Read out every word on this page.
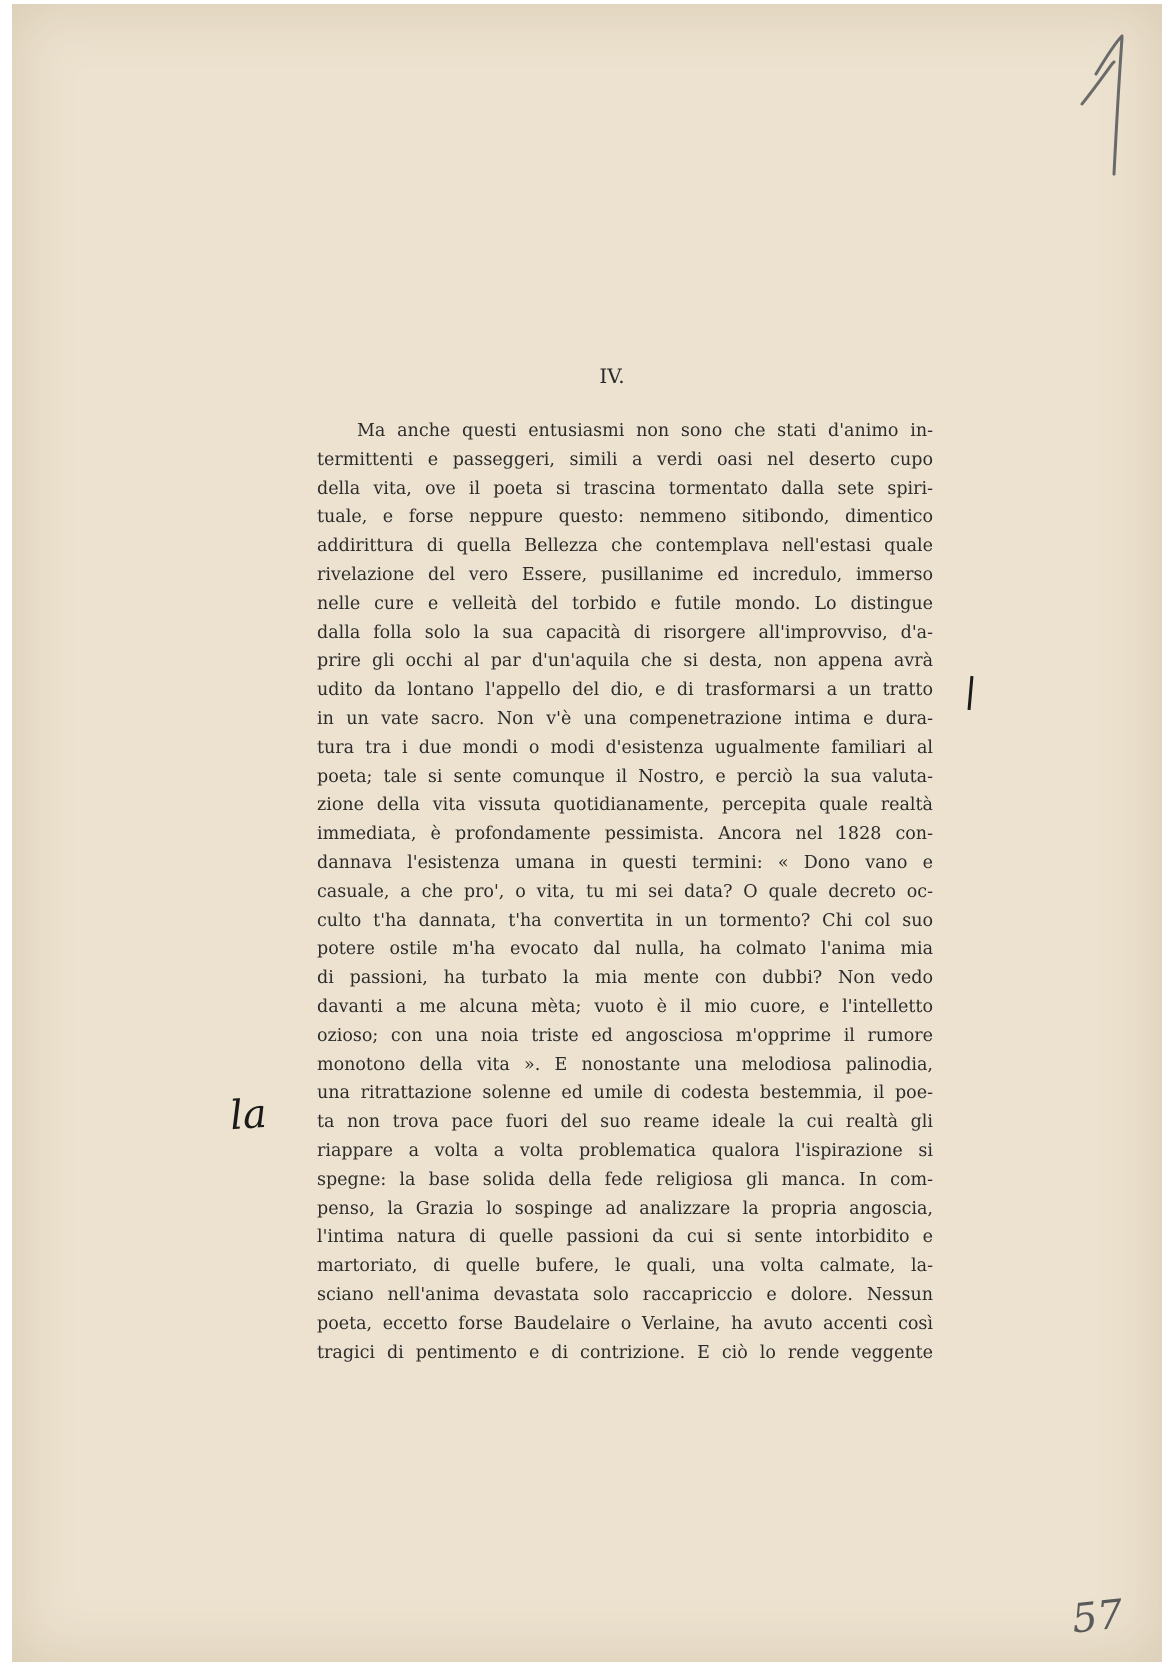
57
la
IV.
Ma anche questi entusiasmi non sono che stati d'animo in-
termittenti e passeggeri, simili a verdi oasi nel deserto cupo
della vita, ove il poeta si trascina tormentato dalla sete spiri-
tuale, e forse neppure questo: nemmeno sitibondo, dimentico
addirittura di quella Bellezza che contemplava nell'estasi quale
rivelazione del vero Essere, pusillanime ed incredulo, immerso
nelle cure e velleità del torbido e futile mondo. Lo distingue
dalla folla solo la sua capacità di risorgere all'improvviso, d'a-
prire gli occhi al par d'un'aquila che si desta, non appena avrà
udito da lontano l'appello del dio, e di trasformarsi a un tratto
in un vate sacro. Non v'è una compenetrazione intima e dura-
tura tra i due mondi o modi d'esistenza ugualmente familiari al
poeta; tale si sente comunque il Nostro, e perciò la sua valuta-
zione della vita vissuta quotidianamente, percepita quale realtà
immediata, è profondamente pessimista. Ancora nel 1828 con-
dannava l'esistenza umana in questi termini: « Dono vano e
casuale, a che pro', o vita, tu mi sei data? O quale decreto oc-
culto t'ha dannata, t'ha convertita in un tormento? Chi col suo
potere ostile m'ha evocato dal nulla, ha colmato l'anima mia
di passioni, ha turbato la mia mente con dubbi? Non vedo
davanti a me alcuna mèta; vuoto è il mio cuore, e l'intelletto
ozioso; con una noia triste ed angosciosa m'opprime il rumore
monotono della vita ». E nonostante una melodiosa palinodia,
una ritrattazione solenne ed umile di codesta bestemmia, il poe-
ta non trova pace fuori del suo reame ideale la cui realtà gli
riappare a volta a volta problematica qualora l'ispirazione si
spegne: la base solida della fede religiosa gli manca. In com-
penso, la Grazia lo sospinge ad analizzare la propria angoscia,
l'intima natura di quelle passioni da cui si sente intorbidito e
martoriato, di quelle bufere, le quali, una volta calmate, la-
sciano nell'anima devastata solo raccapriccio e dolore. Nessun
poeta, eccetto forse Baudelaire o Verlaine, ha avuto accenti così
tragici di pentimento e di contrizione. E ciò lo rende veggente
